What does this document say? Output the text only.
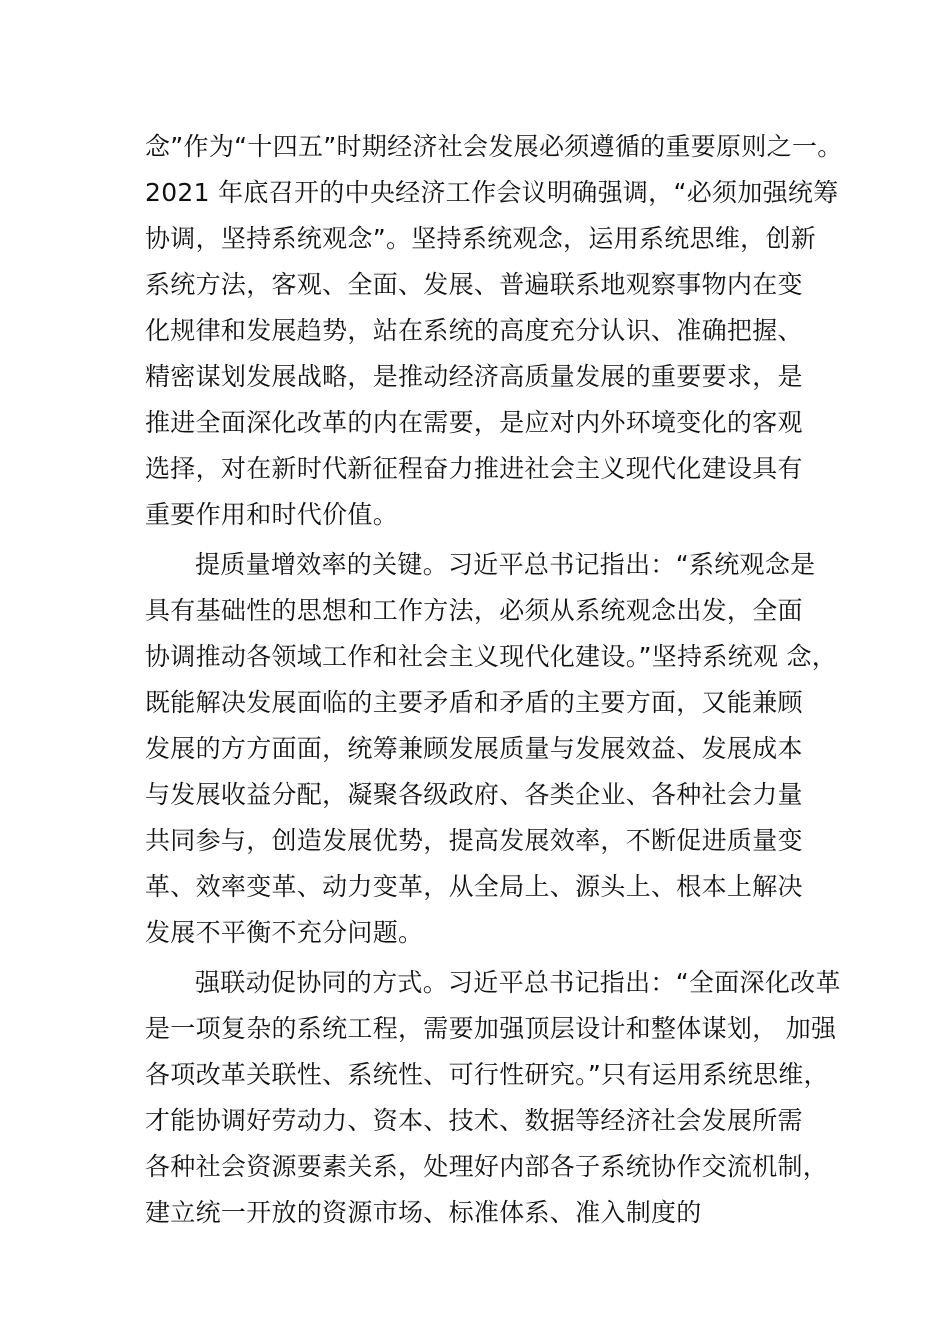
念”作为“十四五”时期经济社会发展必须遵循的重要原则之一。
2021 年底召开的中央经济工作会议明确强调，“必须加强统筹
协调，坚持系统观念”。坚持系统观念，运用系统思维，创新
系统方法，客观、全面、发展、普遍联系地观察事物内在变
化规律和发展趋势，站在系统的高度充分认识、准确把握、
精密谋划发展战略，是推动经济高质量发展的重要要求，是
推进全面深化改革的内在需要，是应对内外环境变化的客观
选择，对在新时代新征程奋力推进社会主义现代化建设具有
重要作用和时代价值。
提质量增效率的关键。习近平总书记指出：“系统观念是
具有基础性的思想和工作方法，必须从系统观念出发，全面
协调推动各领域工作和社会主义现代化建设。”坚持系统观 念，
既能解决发展面临的主要矛盾和矛盾的主要方面，又能兼顾
发展的方方面面，统筹兼顾发展质量与发展效益、发展成本
与发展收益分配，凝聚各级政府、各类企业、各种社会力量
共同参与，创造发展优势，提高发展效率，不断促进质量变
革、效率变革、动力变革，从全局上、源头上、根本上解决
发展不平衡不充分问题。
强联动促协同的方式。习近平总书记指出：“全面深化改革
是一项复杂的系统工程，需要加强顶层设计和整体谋划， 加强
各项改革关联性、系统性、可行性研究。”只有运用系统思维，
才能协调好劳动力、资本、技术、数据等经济社会发展所需
各种社会资源要素关系，处理好内部各子系统协作交流机制，
建立统一开放的资源市场、标准体系、准入制度的
